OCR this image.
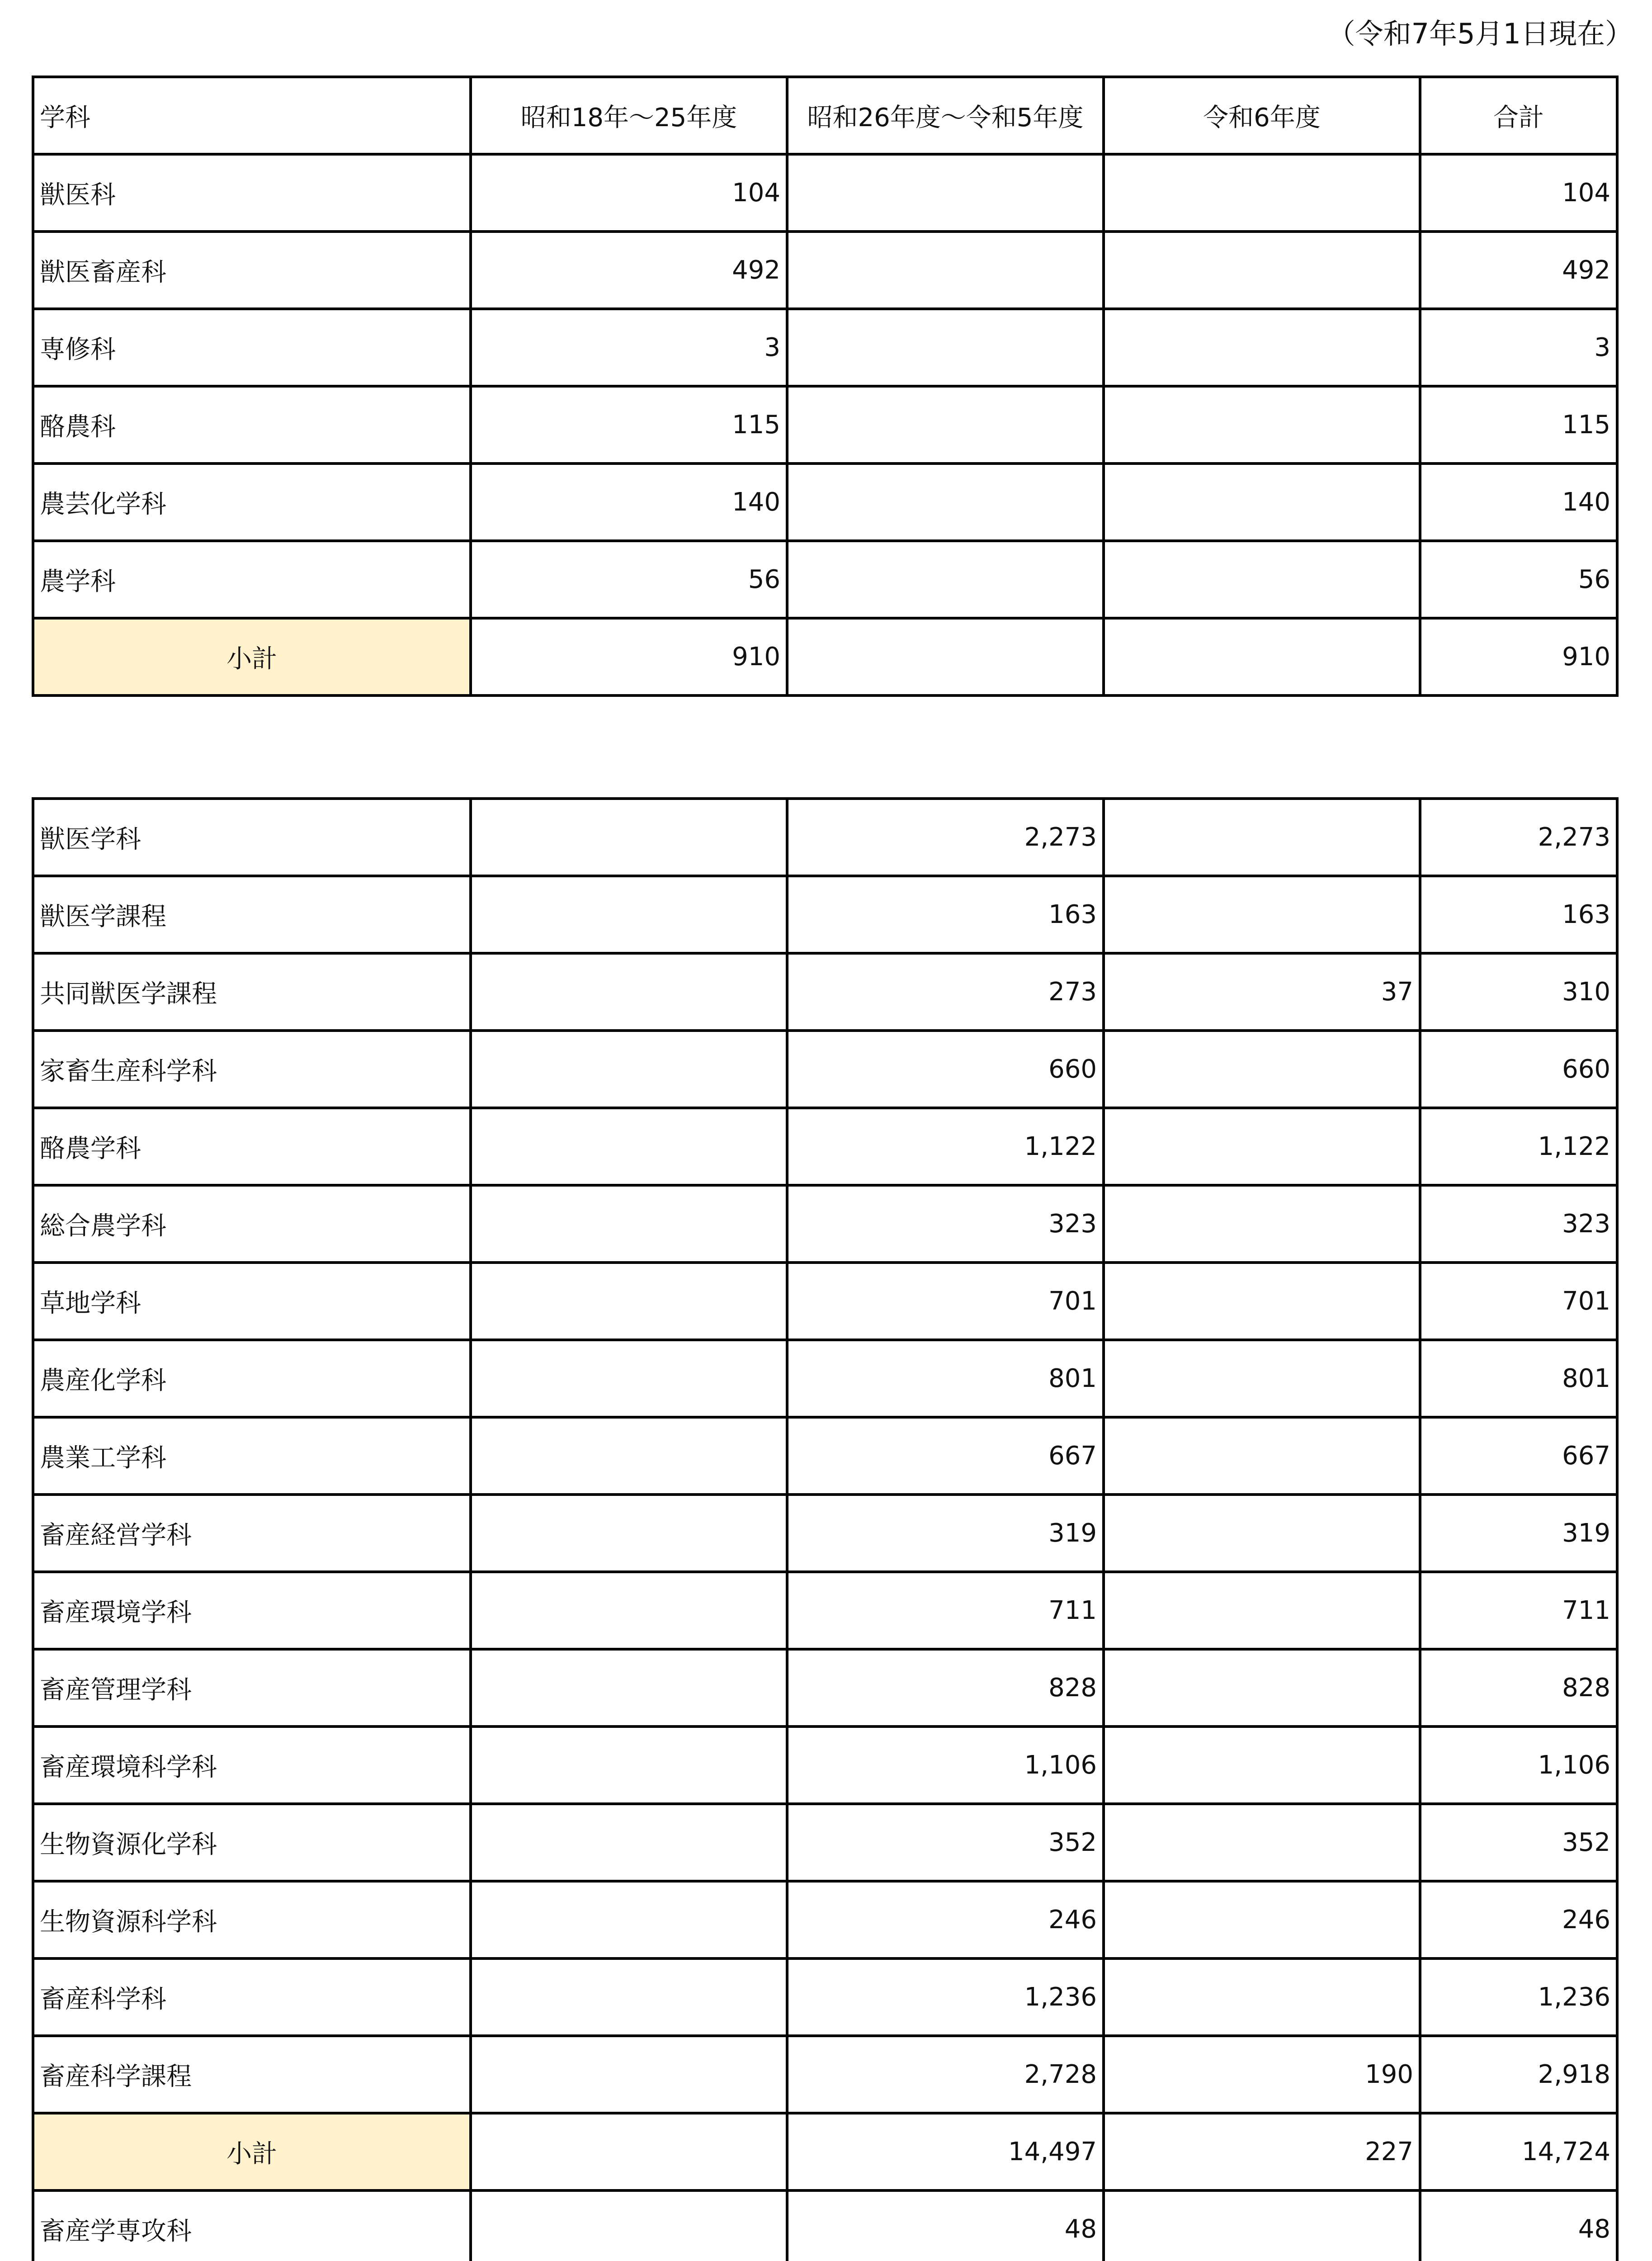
（令和7年5月1日現在）
学科	昭和18年～25年度	昭和26年度～令和5年度	令和6年度	合計
獣医科	104			104
獣医畜産科	492			492
専修科	3			3
酪農科	115			115
農芸化学科	140			140
農学科	56			56
小計	910			910
獣医学科		2,273		2,273
獣医学課程		163		163
共同獣医学課程		273	37	310
家畜生産科学科		660		660
酪農学科		1,122		1,122
総合農学科		323		323
草地学科		701		701
農産化学科		801		801
農業工学科		667		667
畜産経営学科		319		319
畜産環境学科		711		711
畜産管理学科		828		828
畜産環境科学科		1,106		1,106
生物資源化学科		352		352
生物資源科学科		246		246
畜産科学科		1,236		1,236
畜産科学課程		2,728	190	2,918
小計		14,497	227	14,724
畜産学専攻科		48		48
